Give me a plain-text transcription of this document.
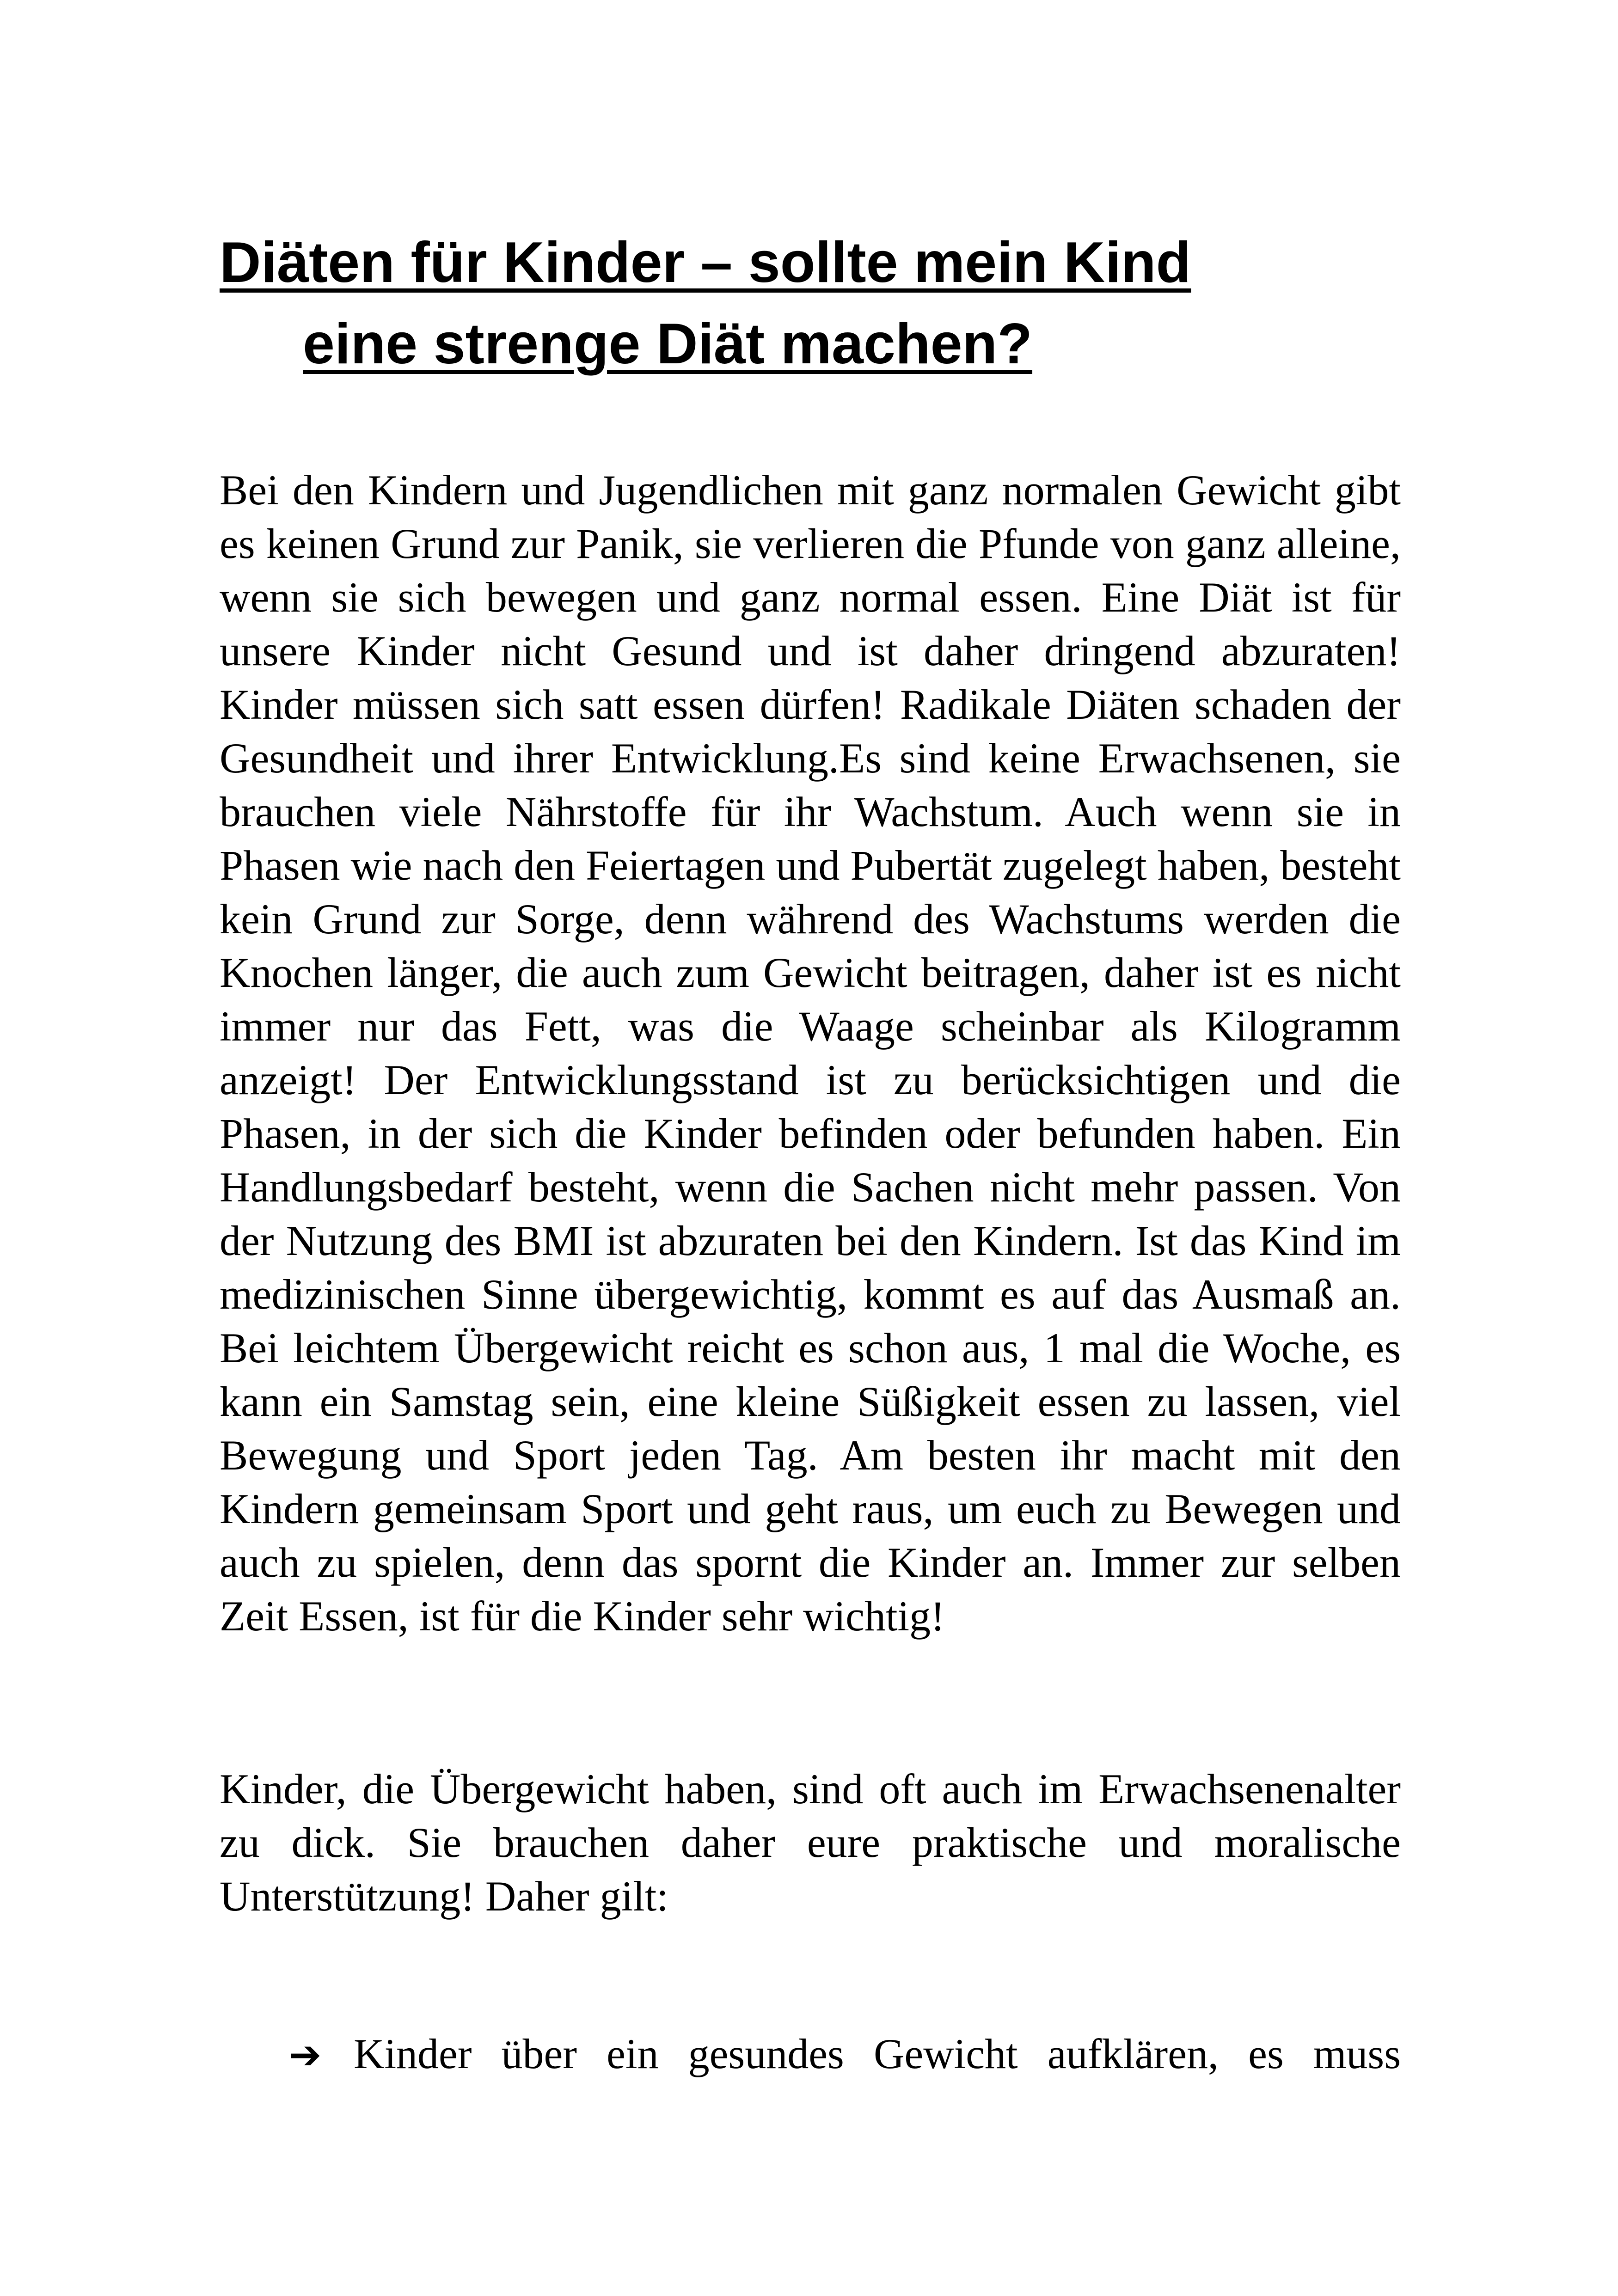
Diäten für Kinder – sollte mein Kind
eine strenge Diät machen?

Bei den Kindern und Jugendlichen mit ganz normalen Gewicht gibt es keinen Grund zur Panik, sie verlieren die Pfunde von ganz alleine, wenn sie sich bewegen und ganz normal essen. Eine Diät ist für unsere Kinder nicht Gesund und ist daher dringend abzuraten! Kinder müssen sich satt essen dürfen! Radikale Diäten schaden der Gesundheit und ihrer Entwicklung.Es sind keine Erwachsenen, sie brauchen viele Nährstoffe für ihr Wachstum. Auch wenn sie in Phasen wie nach den Feiertagen und Pubertät zugelegt haben, besteht kein Grund zur Sorge, denn während des Wachstums werden die Knochen länger, die auch zum Gewicht beitragen, daher ist es nicht immer nur das Fett, was die Waage scheinbar als Kilogramm anzeigt! Der Entwicklungsstand ist zu berücksichtigen und die Phasen, in der sich die Kinder befinden oder befunden haben. Ein Handlungsbedarf besteht, wenn die Sachen nicht mehr passen. Von der Nutzung des BMI ist abzuraten bei den Kindern. Ist das Kind im medizinischen Sinne übergewichtig, kommt es auf das Ausmaß an. Bei leichtem Übergewicht reicht es schon aus, 1 mal die Woche, es kann ein Samstag sein, eine kleine Süßigkeit essen zu lassen, viel Bewegung und Sport jeden Tag. Am besten ihr macht mit den Kindern gemeinsam Sport und geht raus, um euch zu Bewegen und auch zu spielen, denn das spornt die Kinder an. Immer zur selben Zeit Essen, ist für die Kinder sehr wichtig!

Kinder, die Übergewicht haben, sind oft auch im Erwachsenenalter zu dick. Sie brauchen daher eure praktische und moralische Unterstützung! Daher gilt:

➔ Kinder über ein gesundes Gewicht aufklären, es muss
